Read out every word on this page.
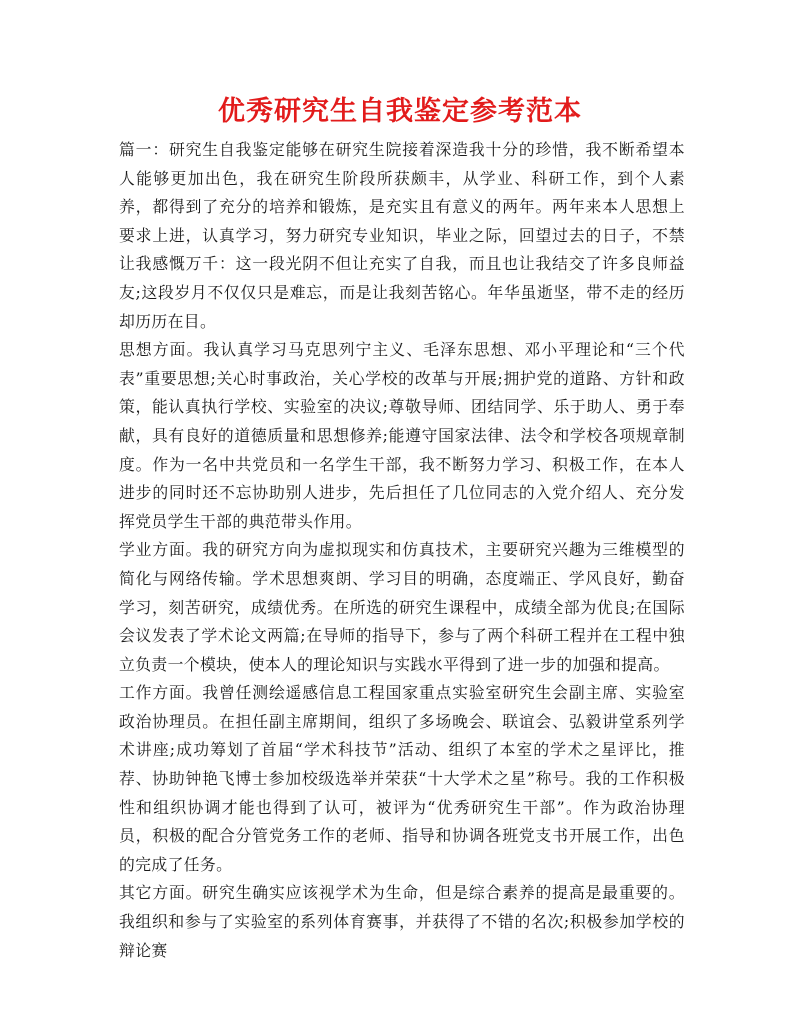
优秀研究生自我鉴定参考范本

篇一：研究生自我鉴定能够在研究生院接着深造我十分的珍惜，我不断希望本人能够更加出色，我在研究生阶段所获颇丰，从学业、科研工作，到个人素养，都得到了充分的培养和锻炼，是充实且有意义的两年。两年来本人思想上要求上进，认真学习，努力研究专业知识，毕业之际，回望过去的日子，不禁让我感慨万千：这一段光阴不但让充实了自我，而且也让我结交了许多良师益友;这段岁月不仅仅只是难忘，而是让我刻苦铭心。年华虽逝坚，带不走的经历却历历在目。

思想方面。我认真学习马克思列宁主义、毛泽东思想、邓小平理论和“三个代表”重要思想;关心时事政治，关心学校的改革与开展;拥护党的道路、方针和政策，能认真执行学校、实验室的决议;尊敬导师、团结同学、乐于助人、勇于奉献，具有良好的道德质量和思想修养;能遵守国家法律、法令和学校各项规章制度。作为一名中共党员和一名学生干部，我不断努力学习、积极工作，在本人进步的同时还不忘协助别人进步，先后担任了几位同志的入党介绍人、充分发挥党员学生干部的典范带头作用。

学业方面。我的研究方向为虚拟现实和仿真技术，主要研究兴趣为三维模型的简化与网络传输。学术思想爽朗、学习目的明确，态度端正、学风良好，勤奋学习，刻苦研究，成绩优秀。在所选的研究生课程中，成绩全部为优良;在国际会议发表了学术论文两篇;在导师的指导下，参与了两个科研工程并在工程中独立负责一个模块，使本人的理论知识与实践水平得到了进一步的加强和提高。

工作方面。我曾任测绘遥感信息工程国家重点实验室研究生会副主席、实验室政治协理员。在担任副主席期间，组织了多场晚会、联谊会、弘毅讲堂系列学术讲座;成功筹划了首届“学术科技节”活动、组织了本室的学术之星评比，推荐、协助钟艳飞博士参加校级选举并荣获“十大学术之星”称号。我的工作积极性和组织协调才能也得到了认可，被评为“优秀研究生干部”。作为政治协理员，积极的配合分管党务工作的老师、指导和协调各班党支书开展工作，出色的完成了任务。

其它方面。研究生确实应该视学术为生命，但是综合素养的提高是最重要的。我组织和参与了实验室的系列体育赛事，并获得了不错的名次;积极参加学校的辩论赛
